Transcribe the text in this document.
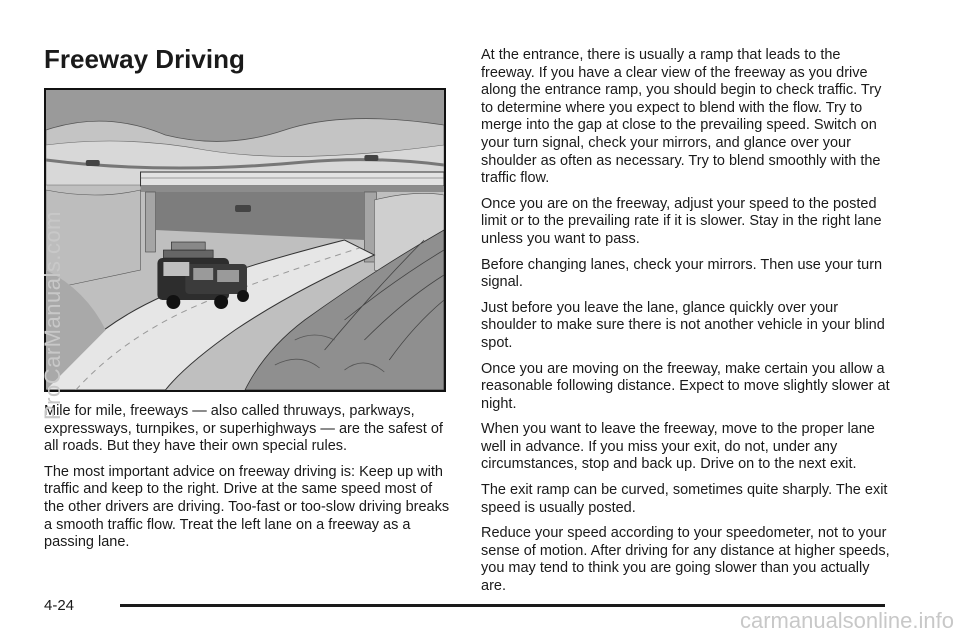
Freeway Driving

Mile for mile, freeways — also called thruways, parkways, expressways, turnpikes, or superhighways — are the safest of all roads. But they have their own special rules.

The most important advice on freeway driving is: Keep up with traffic and keep to the right. Drive at the same speed most of the other drivers are driving. Too-fast or too-slow driving breaks a smooth traffic flow. Treat the left lane on a freeway as a passing lane.

At the entrance, there is usually a ramp that leads to the freeway. If you have a clear view of the freeway as you drive along the entrance ramp, you should begin to check traffic. Try to determine where you expect to blend with the flow. Try to merge into the gap at close to the prevailing speed. Switch on your turn signal, check your mirrors, and glance over your shoulder as often as necessary. Try to blend smoothly with the traffic flow.

Once you are on the freeway, adjust your speed to the posted limit or to the prevailing rate if it is slower. Stay in the right lane unless you want to pass.

Before changing lanes, check your mirrors. Then use your turn signal.

Just before you leave the lane, glance quickly over your shoulder to make sure there is not another vehicle in your blind spot.

Once you are moving on the freeway, make certain you allow a reasonable following distance. Expect to move slightly slower at night.

When you want to leave the freeway, move to the proper lane well in advance. If you miss your exit, do not, under any circumstances, stop and back up. Drive on to the next exit.

The exit ramp can be curved, sometimes quite sharply. The exit speed is usually posted.

Reduce your speed according to your speedometer, not to your sense of motion. After driving for any distance at higher speeds, you may tend to think you are going slower than you actually are.

4-24
ProCarManuals.com
carmanualsonline.info
